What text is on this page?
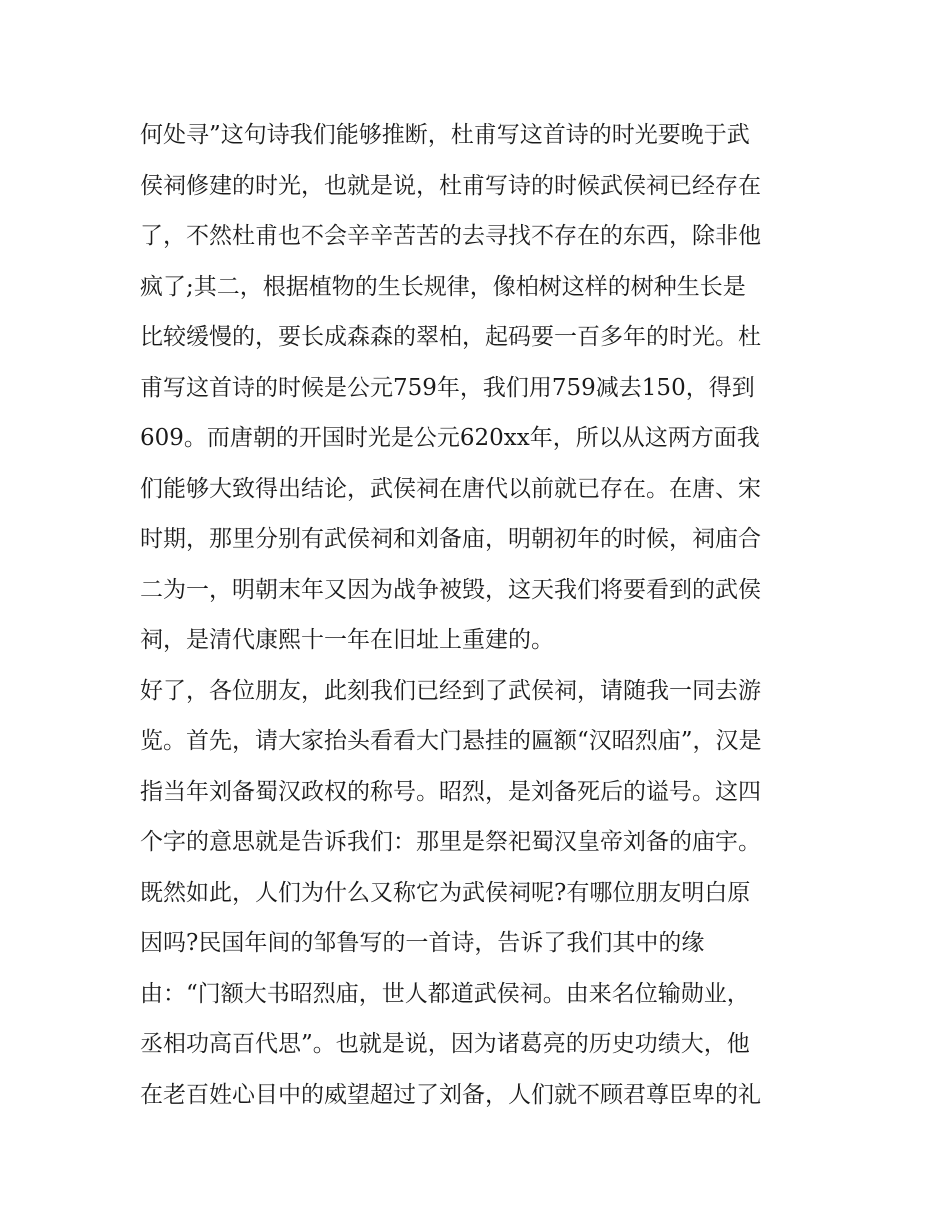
何处寻”这句诗我们能够推断，杜甫写这首诗的时光要晚于武
侯祠修建的时光，也就是说，杜甫写诗的时候武侯祠已经存在
了，不然杜甫也不会辛辛苦苦的去寻找不存在的东西，除非他
疯了;其二，根据植物的生长规律，像柏树这样的树种生长是
比较缓慢的，要长成森森的翠柏，起码要一百多年的时光。杜
甫写这首诗的时候是公元759年，我们用759减去150，得到
609。而唐朝的开国时光是公元620xx年，所以从这两方面我
们能够大致得出结论，武侯祠在唐代以前就已存在。在唐、宋
时期，那里分别有武侯祠和刘备庙，明朝初年的时候，祠庙合
二为一，明朝末年又因为战争被毁，这天我们将要看到的武侯
祠，是清代康熙十一年在旧址上重建的。
好了，各位朋友，此刻我们已经到了武侯祠，请随我一同去游
览。首先，请大家抬头看看大门悬挂的匾额“汉昭烈庙”，汉是
指当年刘备蜀汉政权的称号。昭烈，是刘备死后的谥号。这四
个字的意思就是告诉我们：那里是祭祀蜀汉皇帝刘备的庙宇。
既然如此，人们为什么又称它为武侯祠呢?有哪位朋友明白原
因吗?民国年间的邹鲁写的一首诗，告诉了我们其中的缘
由：“门额大书昭烈庙，世人都道武侯祠。由来名位输勋业，
丞相功高百代思”。也就是说，因为诸葛亮的历史功绩大，他
在老百姓心目中的威望超过了刘备，人们就不顾君尊臣卑的礼
